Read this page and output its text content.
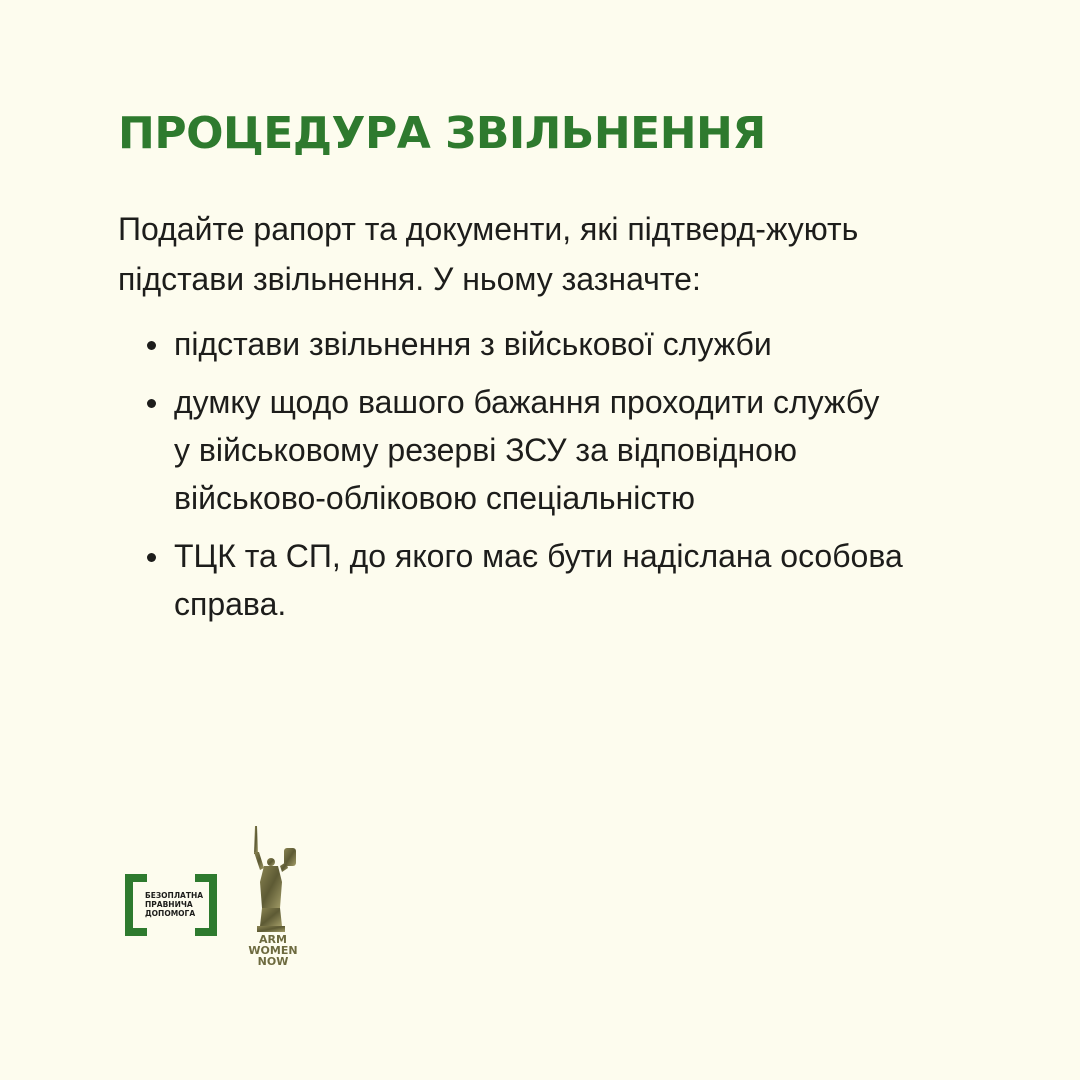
ПРОЦЕДУРА ЗВІЛЬНЕННЯ

Подайте рапорт та документи, які підтверд-жують
підстави звільнення. У ньому зазначте:

підстави звільнення з військової служби
думку щодо вашого бажання проходити службу
у військовому резерві ЗСУ за відповідною
військово-обліковою спеціальністю
ТЦК та СП, до якого має бути надіслана особова
справа.
БЕЗОПЛАТНА
ПРАВНИЧА
ДОПОМОГА
ARM
WOMEN
NOW
